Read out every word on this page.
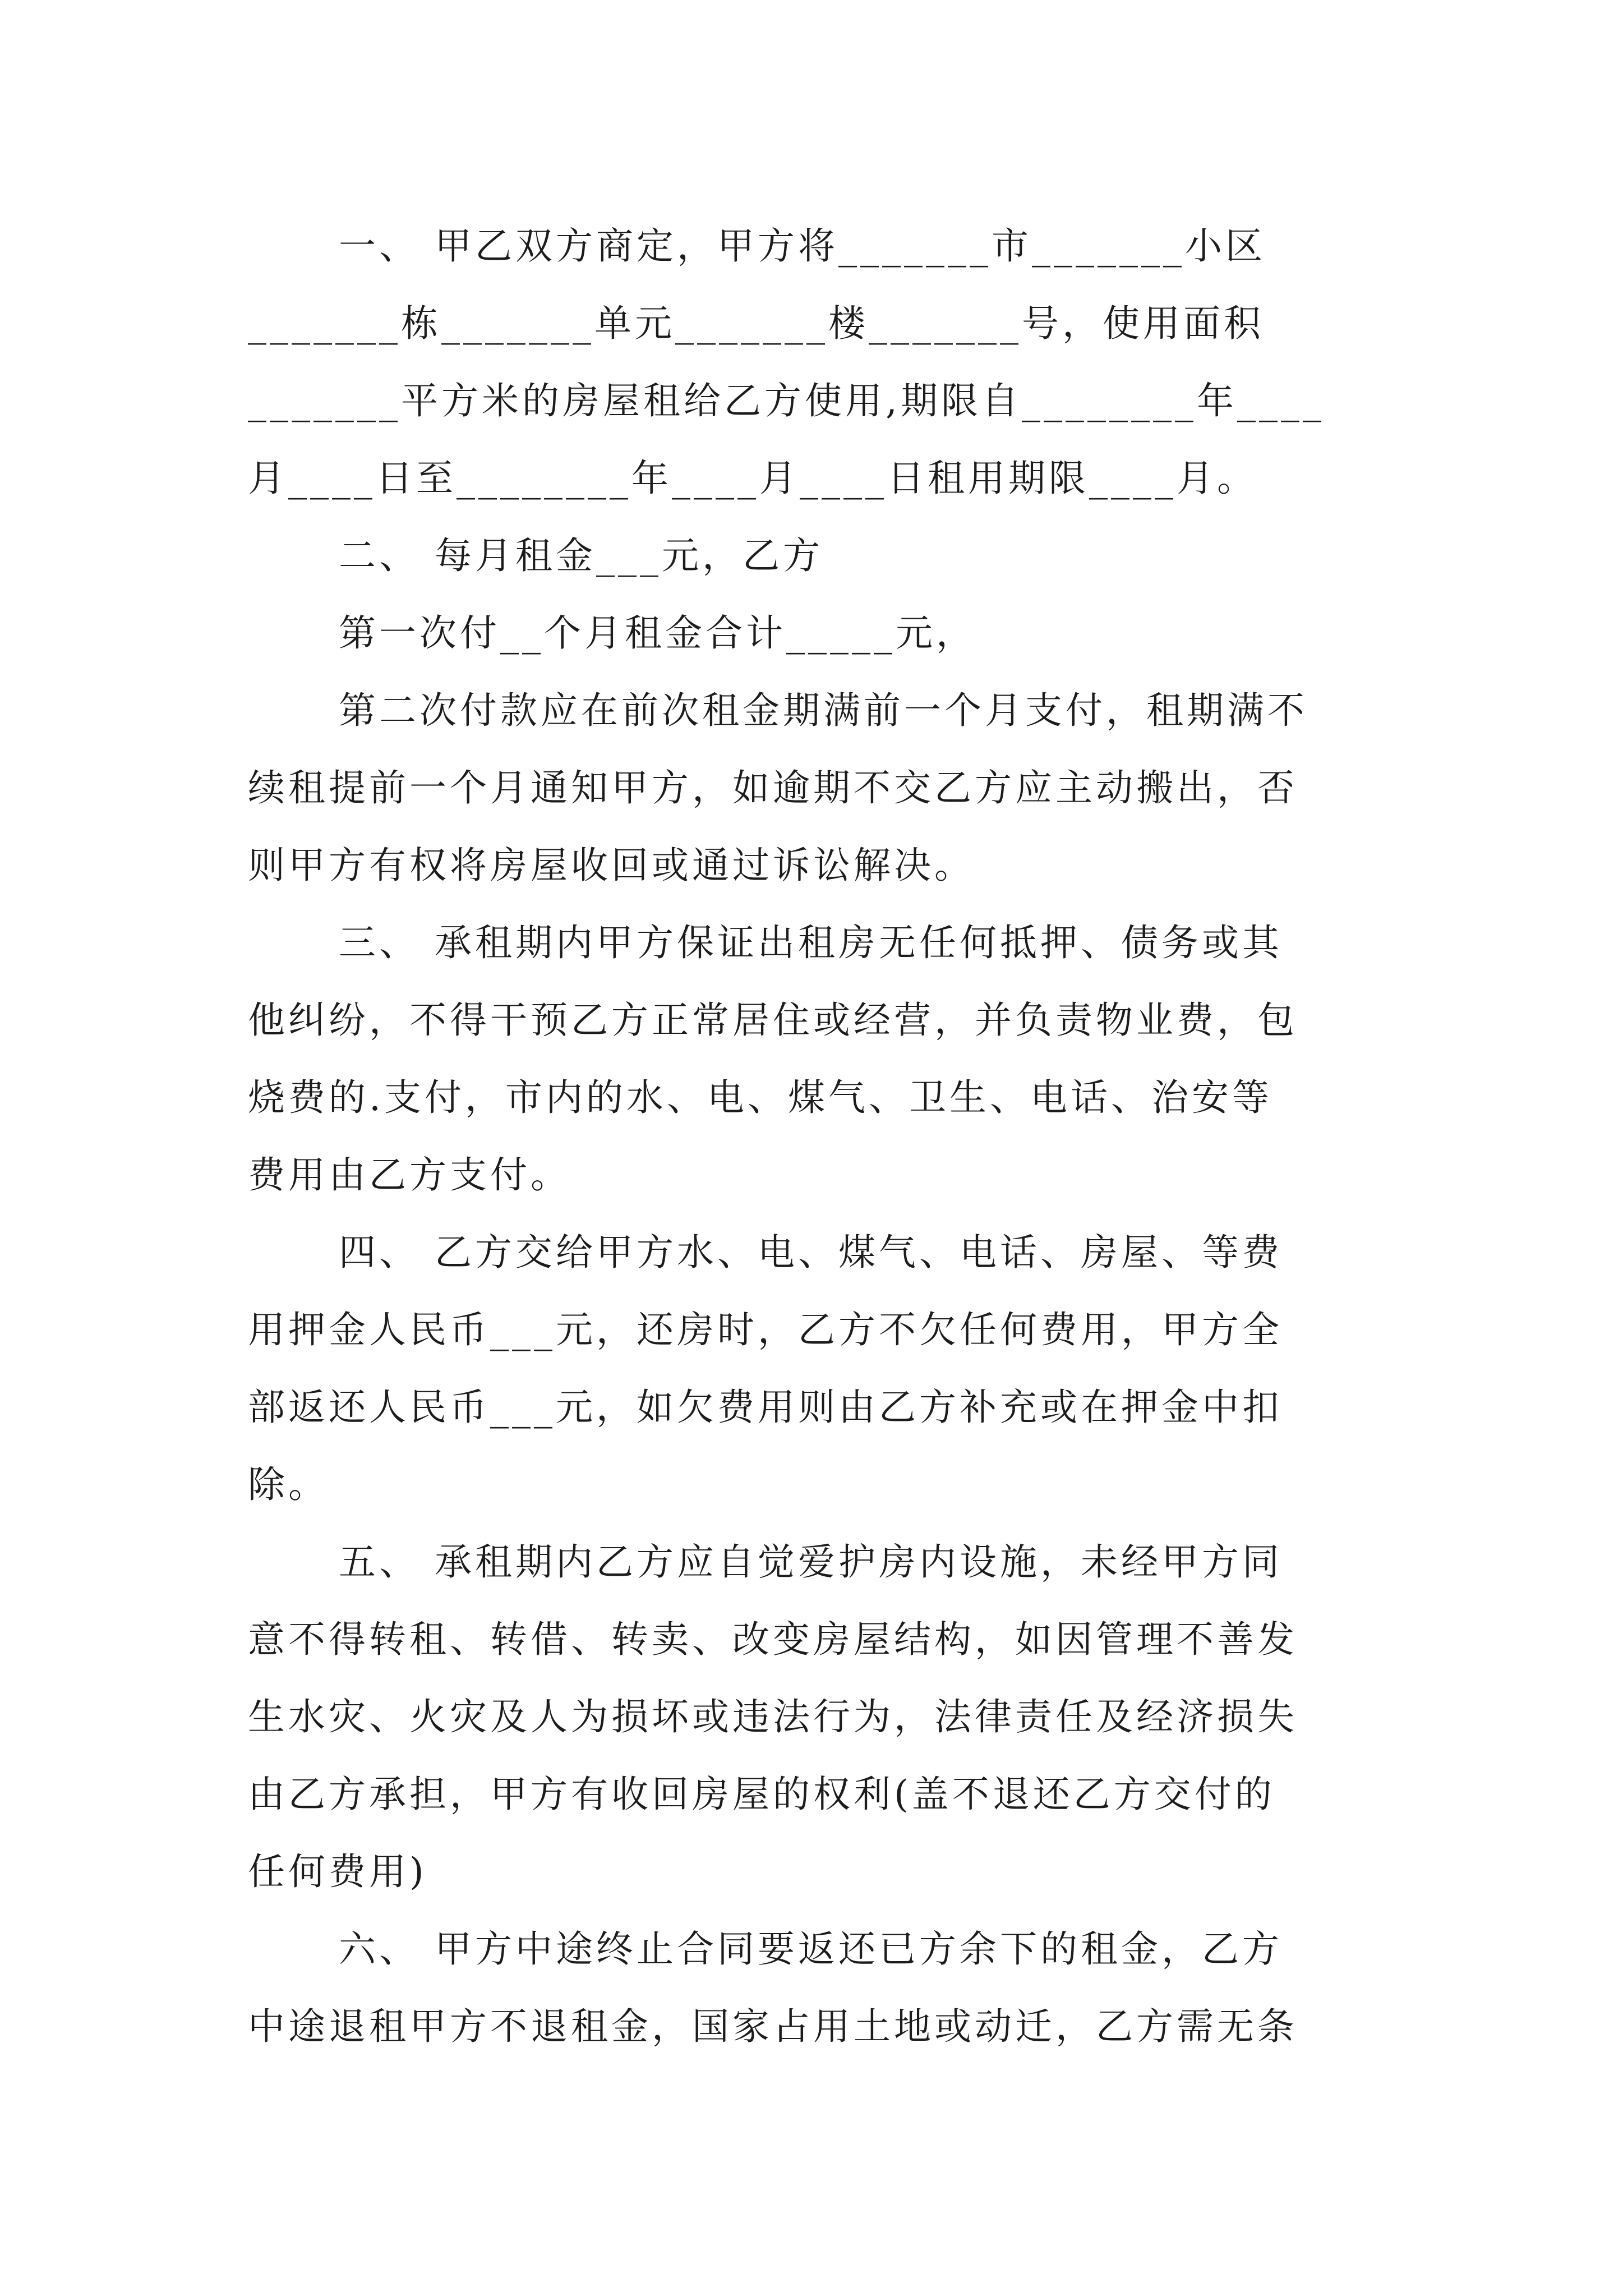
一、 甲乙双方商定，甲方将_______市_______小区
_______栋_______单元_______楼_______号，使用面积
_______平方米的房屋租给乙方使用,期限自________年____
月____日至________年____月____日租用期限____月。
二、 每月租金___元，乙方
第一次付__个月租金合计_____元，
第二次付款应在前次租金期满前一个月支付，租期满不
续租提前一个月通知甲方，如逾期不交乙方应主动搬出，否
则甲方有权将房屋收回或通过诉讼解决。
三、 承租期内甲方保证出租房无任何抵押、债务或其
他纠纷，不得干预乙方正常居住或经营，并负责物业费，包
烧费的.支付，市内的水、电、煤气、卫生、电话、治安等
费用由乙方支付。
四、 乙方交给甲方水、电、煤气、电话、房屋、等费
用押金人民币___元，还房时，乙方不欠任何费用，甲方全
部返还人民币___元，如欠费用则由乙方补充或在押金中扣
除。
五、 承租期内乙方应自觉爱护房内设施，未经甲方同
意不得转租、转借、转卖、改变房屋结构，如因管理不善发
生水灾、火灾及人为损坏或违法行为，法律责任及经济损失
由乙方承担，甲方有收回房屋的权利(盖不退还乙方交付的
任何费用)
六、 甲方中途终止合同要返还已方余下的租金，乙方
中途退租甲方不退租金，国家占用土地或动迁，乙方需无条
